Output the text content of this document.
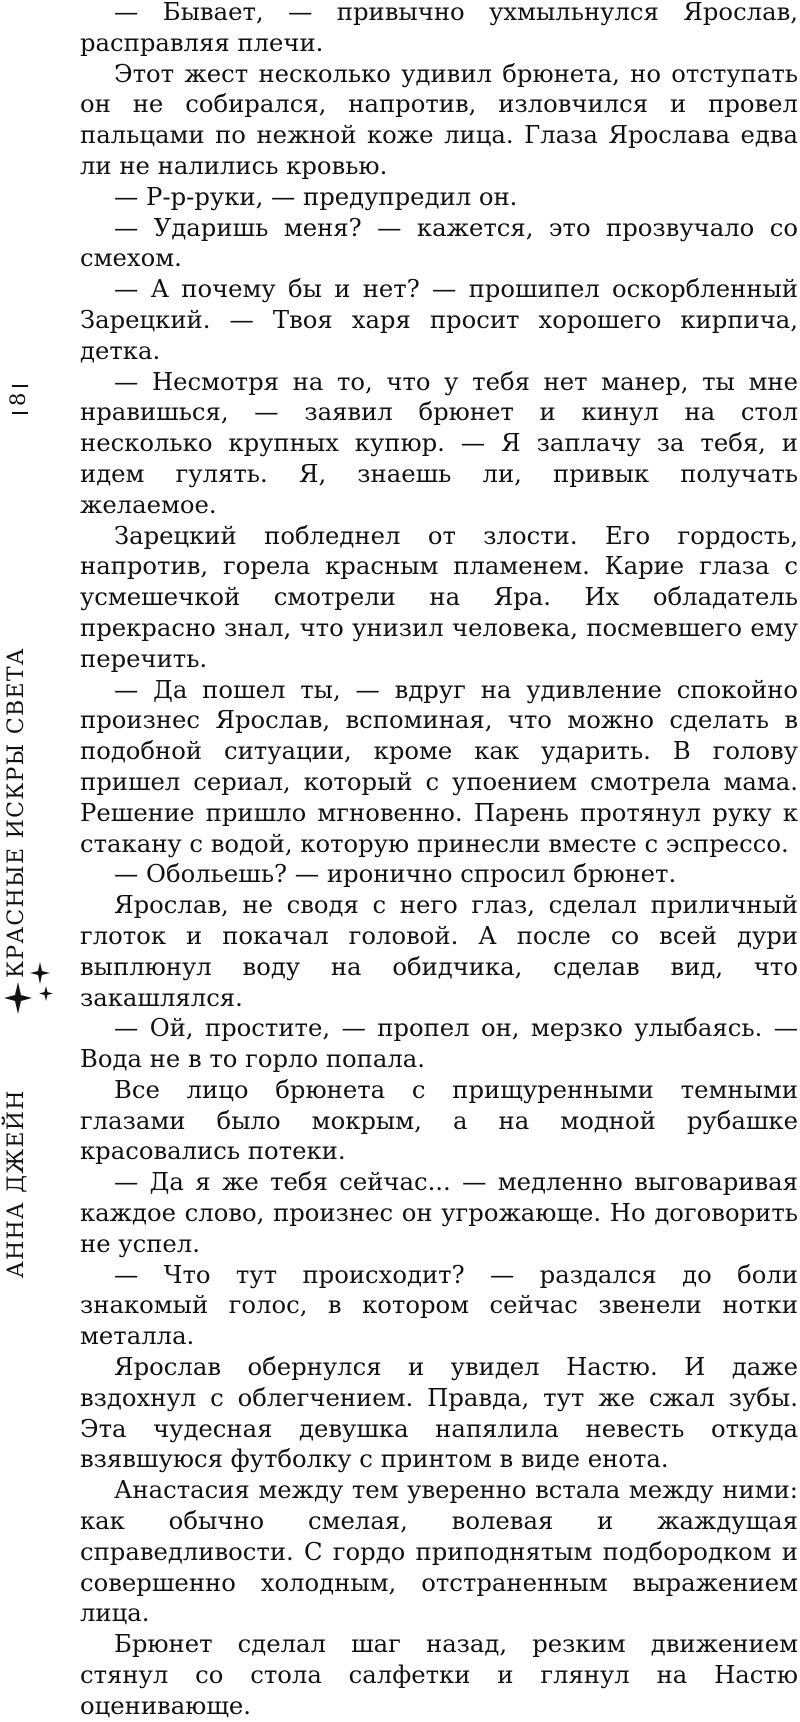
АННА ДЖЕЙНКРАСНЫЕ ИСКРЫ СВЕТА
8

— Бывает, — привычно ухмыльнулся Ярослав, расправляя плечи.

Этот жест несколько удивил брюнета, но отступать он не собирался, напротив, изловчился и провел пальцами по нежной коже лица. Глаза Ярослава едва ли не налились кровью.

— Р-р-руки, — предупредил он.

— Ударишь меня? — кажется, это прозвучало со смехом.

— А почему бы и нет? — прошипел оскорбленный Зарецкий. — Твоя харя просит хорошего кирпича, детка.

— Несмотря на то, что у тебя нет манер, ты мне нравишься, — заявил брюнет и кинул на стол несколько крупных купюр. — Я заплачу за тебя, и идем гулять. Я, знаешь ли, привык получать желаемое.

Зарецкий побледнел от злости. Его гордость, напротив, горела красным пламенем. Карие глаза с усмешечкой смотрели на Яра. Их обладатель прекрасно знал, что унизил человека, посмевшего ему перечить.

— Да пошел ты, — вдруг на удивление спокойно произнес Ярослав, вспоминая, что можно сделать в подобной ситуации, кроме как ударить. В голову пришел сериал, который с упоением смотрела мама. Решение пришло мгновенно. Парень протянул руку к стакану с водой, которую принесли вместе с эспрессо.

— Обольешь? — иронично спросил брюнет.

Ярослав, не сводя с него глаз, сделал приличный глоток и покачал головой. А после со всей дури выплюнул воду на обидчика, сделав вид, что закашлялся.

— Ой, простите, — пропел он, мерзко улыбаясь. — Вода не в то горло попала.

Все лицо брюнета с прищуренными темными глазами было мокрым, а на модной рубашке красовались потеки.

— Да я же тебя сейчас... — медленно выговаривая каждое слово, произнес он угрожающе. Но договорить не успел.

— Что тут происходит? — раздался до боли знакомый голос, в котором сейчас звенели нотки металла.

Ярослав обернулся и увидел Настю. И даже вздохнул с облегчением. Правда, тут же сжал зубы. Эта чудесная девушка напялила невесть откуда взявшуюся футболку с принтом в виде енота.

Анастасия между тем уверенно встала между ними: как обычно смелая, волевая и жаждущая справедливости. С гордо приподнятым подбородком и совершенно холодным, отстраненным выражением лица.

Брюнет сделал шаг назад, резким движением стянул со стола салфетки и глянул на Настю оценивающе.
